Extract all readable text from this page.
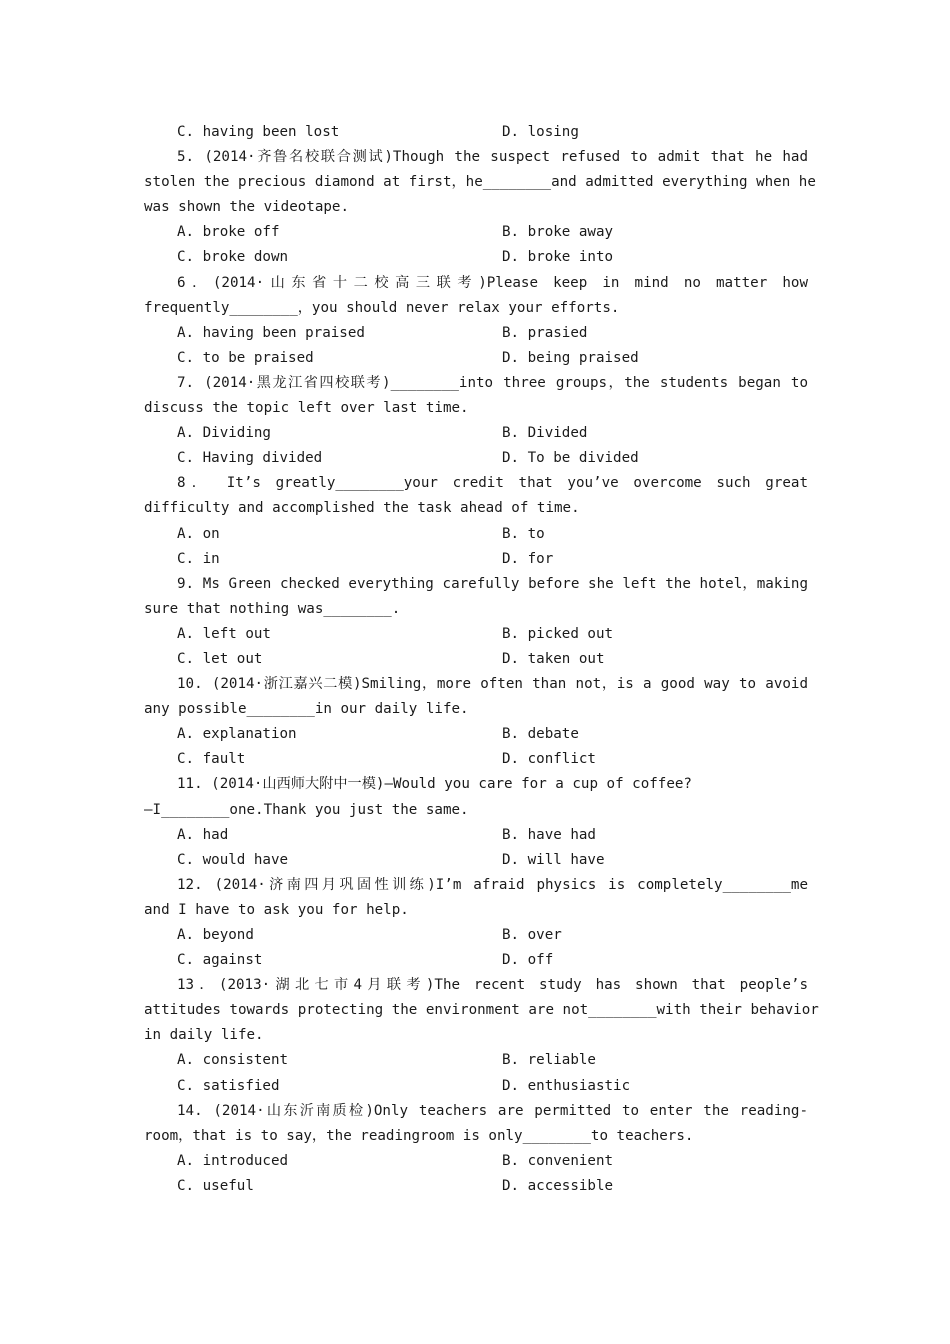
C. having been lost	D. losing
5. (2014·齐鲁名校联合测试)Though the suspect refused to admit that he had
stolen the precious diamond at first，he________and admitted everything when he
was shown the videotape.
A. broke off	B. broke away
C. broke down	D. broke into
6．(2014·山东省十二校高三联考)Please keep in mind no matter how
frequently________，you should never relax your efforts.
A. having been praised	B. prasied
C. to be praised	D. being praised
7. (2014·黑龙江省四校联考)________into three groups，the students began to
discuss the topic left over last time.
A. Dividing	B. Divided
C. Having divided	D. To be divided
8． It’s greatly________your credit that you’ve overcome such great
difficulty and accomplished the task ahead of time.
A. on	B. to
C. in	D. for
9. Ms Green checked everything carefully before she left the hotel，making
sure that nothing was________.
A. left out	B. picked out
C. let out	D. taken out
10. (2014·浙江嘉兴二模)Smiling，more often than not，is a good way to avoid
any possible________in our daily life.
A. explanation	B. debate
C. fault	D. conflict
11. (2014·山西师大附中一模)—Would you care for a cup of coffee?
—I________one.Thank you just the same.
A. had	B. have had
C. would have	D. will have
12. (2014·济南四月巩固性训练)I’m afraid physics is completely________me
and I have to ask you for help.
A. beyond	B. over
C. against	D. off
13．(2013·湖北七市4月联考)The recent study has shown that people’s
attitudes towards protecting the environment are not________with their behavior
in daily life.
A. consistent	B. reliable
C. satisfied	D. enthusiastic
14. (2014·山东沂南质检)Only teachers are permitted to enter the reading-
room，that is to say，the readingroom is only________to teachers.
A. introduced	B. convenient
C. useful	D. accessible
